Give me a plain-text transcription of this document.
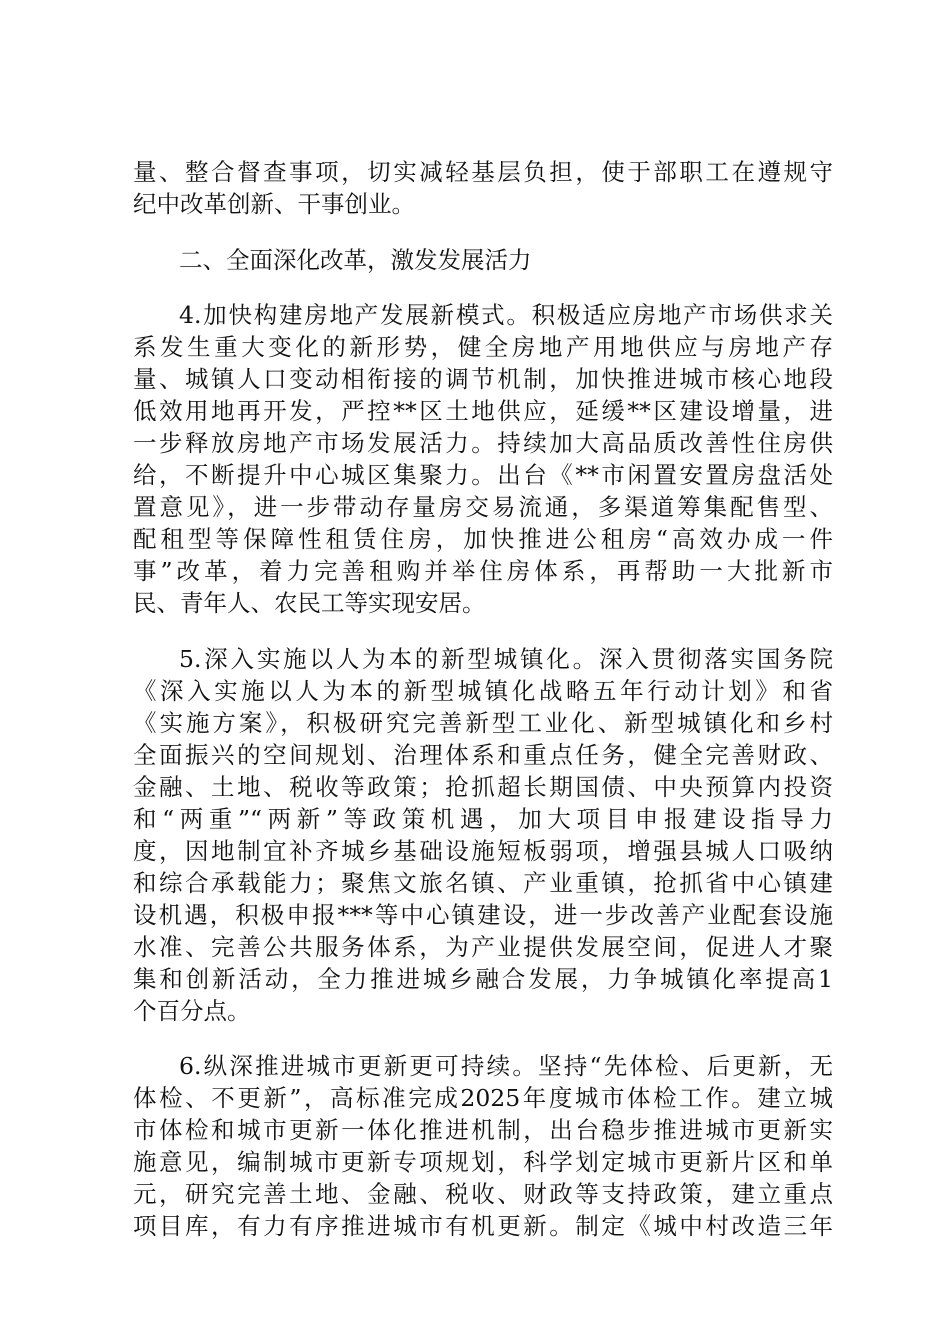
量、整合督查事项，切实减轻基层负担，使于部职工在遵规守
纪中改革创新、干事创业。
二、全面深化改革，激发发展活力
4.加快构建房地产发展新模式。积极适应房地产市场供求关
系发生重大变化的新形势，健全房地产用地供应与房地产存
量、城镇人口变动相衔接的调节机制，加快推进城市核心地段
低效用地再开发，严控**区土地供应，延缓**区建设增量，进
一步释放房地产市场发展活力。持续加大高品质改善性住房供
给，不断提升中心城区集聚力。出台《**市闲置安置房盘活处
置意见》，进一步带动存量房交易流通，多渠道筹集配售型、
配租型等保障性租赁住房，加快推进公租房“高效办成一件
事”改革，着力完善租购并举住房体系，再帮助一大批新市
民、青年人、农民工等实现安居。
5.深入实施以人为本的新型城镇化。深入贯彻落实国务院
《深入实施以人为本的新型城镇化战略五年行动计划》和省
《实施方案》，积极研究完善新型工业化、新型城镇化和乡村
全面振兴的空间规划、治理体系和重点任务，健全完善财政、
金融、土地、税收等政策；抢抓超长期国债、中央预算内投资
和“两重”“两新”等政策机遇，加大项目申报建设指导力
度，因地制宜补齐城乡基础设施短板弱项，增强县城人口吸纳
和综合承载能力；聚焦文旅名镇、产业重镇，抢抓省中心镇建
设机遇，积极申报***等中心镇建设，进一步改善产业配套设施
水准、完善公共服务体系，为产业提供发展空间，促进人才聚
集和创新活动，全力推进城乡融合发展，力争城镇化率提高1
个百分点。
6.纵深推进城市更新更可持续。坚持“先体检、后更新，无
体检、不更新”，高标准完成2025年度城市体检工作。建立城
市体检和城市更新一体化推进机制，出台稳步推进城市更新实
施意见，编制城市更新专项规划，科学划定城市更新片区和单
元，研究完善土地、金融、税收、财政等支持政策，建立重点
项目库，有力有序推进城市有机更新。制定《城中村改造三年
